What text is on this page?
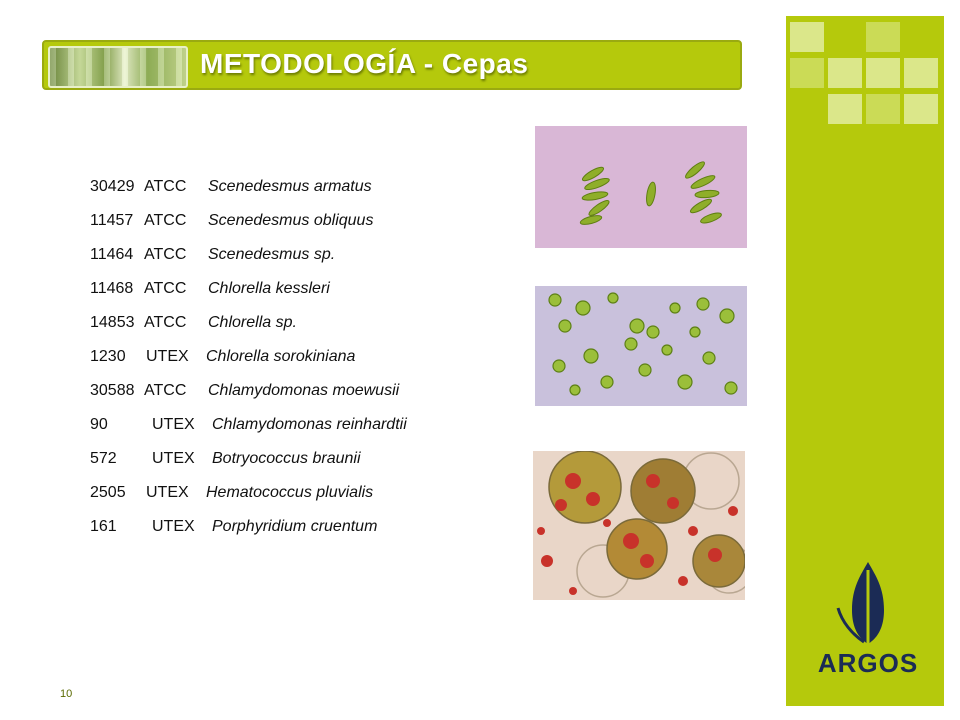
METODOLOGÍA - Cepas
30429 ATCC Scenedesmus armatus
11457 ATCC Scenedesmus obliquus
11464 ATCC Scenedesmus sp.
11468 ATCC Chlorella kessleri
14853 ATCC Chlorella sp.
1230 UTEX Chlorella sorokiniana
30588 ATCC Chlamydomonas moewusii
90	UTEX Chlamydomonas reinhardtii
572 UTEX Botryococcus braunii
2505 UTEX Hematococcus pluvialis
161 UTEX Porphyridium cruentum
ARGOS
10
